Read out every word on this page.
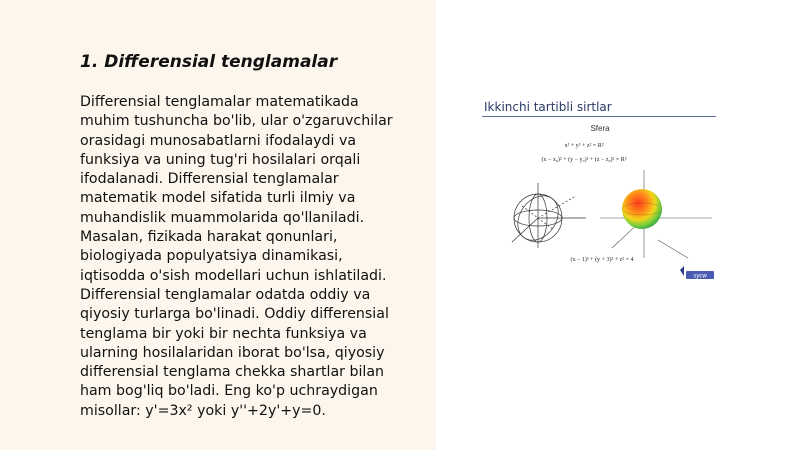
1. Differensial tenglamalar

Differensial tenglamalar matematikada
muhim tushuncha bo'lib, ular o'zgaruvchilar
orasidagi munosabatlarni ifodalaydi va
funksiya va uning tug'ri hosilalari orqali
ifodalanadi. Differensial tenglamalar
matematik model sifatida turli ilmiy va
muhandislik muammolarida qo'llaniladi.
Masalan, fizikada harakat qonunlari,
biologiyada populyatsiya dinamikasi,
iqtisodda o'sish modellari uchun ishlatiladi.
Differensial tenglamalar odatda oddiy va
qiyosiy turlarga bo'linadi. Oddiy differensial
tenglama bir yoki bir nechta funksiya va
ularning hosilalaridan iborat bo'lsa, qiyosiy
differensial tenglama chekka shartlar bilan
ham bog'liq bo'ladi. Eng ko'p uchraydigan
misollar: y'=3x² yoki y''+2y'+y=0.

Ikkinchi tartibli sirtlar
Sfera
x² + y² + z² = R²
(x − x₀)² + (y − y₀)² + (z − z₀)² = R²
(x − 1)² + (y + 3)² + z² = 4
sycw
